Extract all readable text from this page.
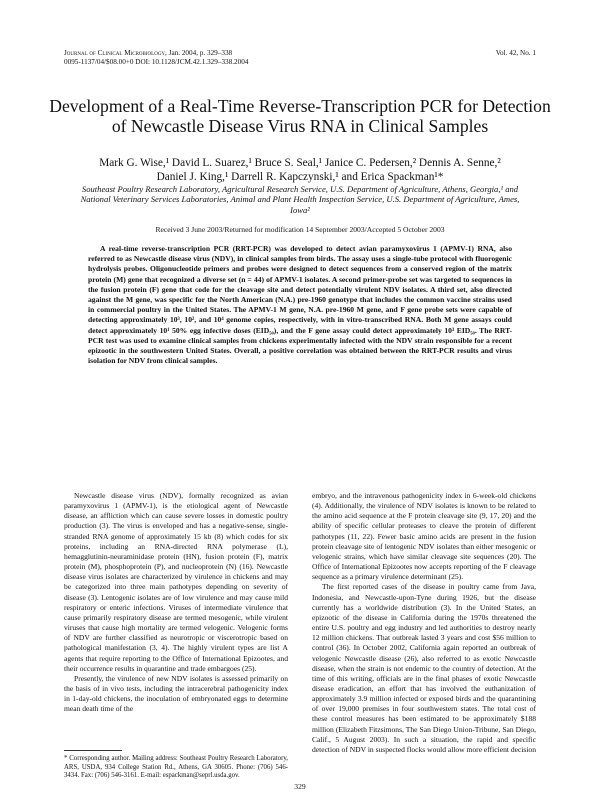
Journal of Clinical Microbiology, Jan. 2004, p. 329–338
0095-1137/04/$08.00+0 DOI: 10.1128/JCM.42.1.329–338.2004
Vol. 42, No. 1
Development of a Real-Time Reverse-Transcription PCR for Detection of Newcastle Disease Virus RNA in Clinical Samples
Mark G. Wise,¹ David L. Suarez,¹ Bruce S. Seal,¹ Janice C. Pedersen,² Dennis A. Senne,²
Daniel J. King,¹ Darrell R. Kapczynski,¹ and Erica Spackman¹*
Southeast Poultry Research Laboratory, Agricultural Research Service, U.S. Department of Agriculture, Athens, Georgia,¹ and National Veterinary Services Laboratories, Animal and Plant Health Inspection Service, U.S. Department of Agriculture, Ames, Iowa²
Received 3 June 2003/Returned for modification 14 September 2003/Accepted 5 October 2003

A real-time reverse-transcription PCR (RRT-PCR) was developed to detect avian paramyxovirus 1 (APMV-1) RNA, also referred to as Newcastle disease virus (NDV), in clinical samples from birds. The assay uses a single-tube protocol with fluorogenic hydrolysis probes. Oligonucleotide primers and probes were designed to detect sequences from a conserved region of the matrix protein (M) gene that recognized a diverse set (n = 44) of APMV-1 isolates. A second primer-probe set was targeted to sequences in the fusion protein (F) gene that code for the cleavage site and detect potentially virulent NDV isolates. A third set, also directed against the M gene, was specific for the North American (N.A.) pre-1960 genotype that includes the common vaccine strains used in commercial poultry in the United States. The APMV-1 M gene, N.A. pre-1960 M gene, and F gene probe sets were capable of detecting approximately 10³, 10², and 10⁴ genome copies, respectively, with in vitro-transcribed RNA. Both M gene assays could detect approximately 10¹ 50% egg infective doses (EID₅₀), and the F gene assay could detect approximately 10³ EID₅₀. The RRT-PCR test was used to examine clinical samples from chickens experimentally infected with the NDV strain responsible for a recent epizootic in the southwestern United States. Overall, a positive correlation was obtained between the RRT-PCR results and virus isolation for NDV from clinical samples.

Newcastle disease virus (NDV), formally recognized as avian paramyxovirus 1 (APMV-1), is the etiological agent of Newcastle disease, an affliction which can cause severe losses in domestic poultry production (3). The virus is enveloped and has a negative-sense, single-stranded RNA genome of approximately 15 kb (8) which codes for six proteins, including an RNA-directed RNA polymerase (L), hemagglutinin-neuraminidase protein (HN), fusion protein (F), matrix protein (M), phosphoprotein (P), and nucleoprotein (N) (16). Newcastle disease virus isolates are characterized by virulence in chickens and may be categorized into three main pathotypes depending on severity of disease (3). Lentogenic isolates are of low virulence and may cause mild respiratory or enteric infections. Viruses of intermediate virulence that cause primarily respiratory disease are termed mesogenic, while virulent viruses that cause high mortality are termed velogenic. Velogenic forms of NDV are further classified as neurotropic or viscerotropic based on pathological manifestation (3, 4). The highly virulent types are list A agents that require reporting to the Office of International Epizootes, and their occurrence results in quarantine and trade embargoes (25).

Presently, the virulence of new NDV isolates is assessed primarily on the basis of in vivo tests, including the intracerebral pathogenicity index in 1-day-old chickens, the inoculation of embryonated eggs to determine mean death time of the

embryo, and the intravenous pathogenicity index in 6-week-old chickens (4). Additionally, the virulence of NDV isolates is known to be related to the amino acid sequence at the F protein cleavage site (9, 17, 20) and the ability of specific cellular proteases to cleave the protein of different pathotypes (11, 22). Fewer basic amino acids are present in the fusion protein cleavage site of lentogenic NDV isolates than either mesogenic or velogenic strains, which have similar cleavage site sequences (20). The Office of International Epizootes now accepts reporting of the F cleavage sequence as a primary virulence determinant (25).

The first reported cases of the disease in poultry came from Java, Indonesia, and Newcastle-upon-Tyne during 1926, but the disease currently has a worldwide distribution (3). In the United States, an epizootic of the disease in California during the 1970s threatened the entire U.S. poultry and egg industry and led authorities to destroy nearly 12 million chickens. That outbreak lasted 3 years and cost $56 million to control (36). In October 2002, California again reported an outbreak of velogenic Newcastle disease (26), also referred to as exotic Newcastle disease, when the strain is not endemic to the country of detection. At the time of this writing, officials are in the final phases of exotic Newcastle disease eradication, an effort that has involved the euthanization of approximately 3.9 million infected or exposed birds and the quarantining of over 19,000 premises in four southwestern states. The total cost of these control measures has been estimated to be approximately $188 million (Elizabeth Fitzsimons, The San Diego Union-Tribune, San Diego, Calif., 5 August 2003). In such a situation, the rapid and specific detection of NDV in suspected flocks would allow more efficient decision

* Corresponding author. Mailing address: Southeast Poultry Research Laboratory, ARS, USDA, 934 College Station Rd., Athens, GA 30605. Phone: (706) 546-3434. Fax: (706) 546-3161. E-mail: espackman@seprl.usda.gov.
329
